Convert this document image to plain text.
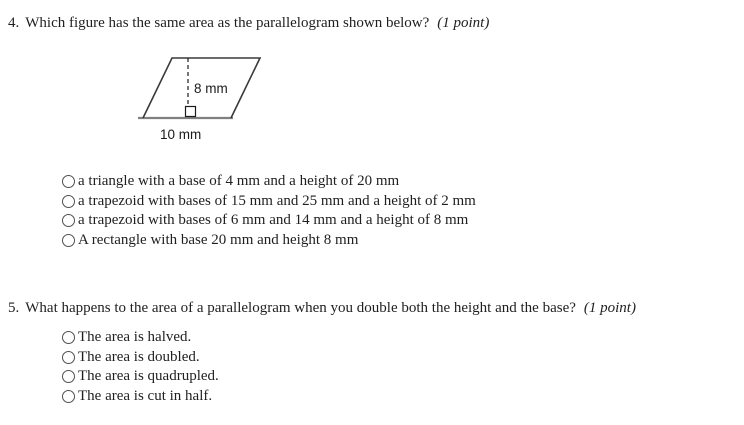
4. Which figure has the same area as the parallelogram shown below? (1 point)
8 mm
10 mm
a triangle with a base of 4 mm and a height of 20 mm
a trapezoid with bases of 15 mm and 25 mm and a height of 2 mm
a trapezoid with bases of 6 mm and 14 mm and a height of 8 mm
A rectangle with base 20 mm and height 8 mm
5. What happens to the area of a parallelogram when you double both the height and the base? (1 point)
The area is halved.
The area is doubled.
The area is quadrupled.
The area is cut in half.
